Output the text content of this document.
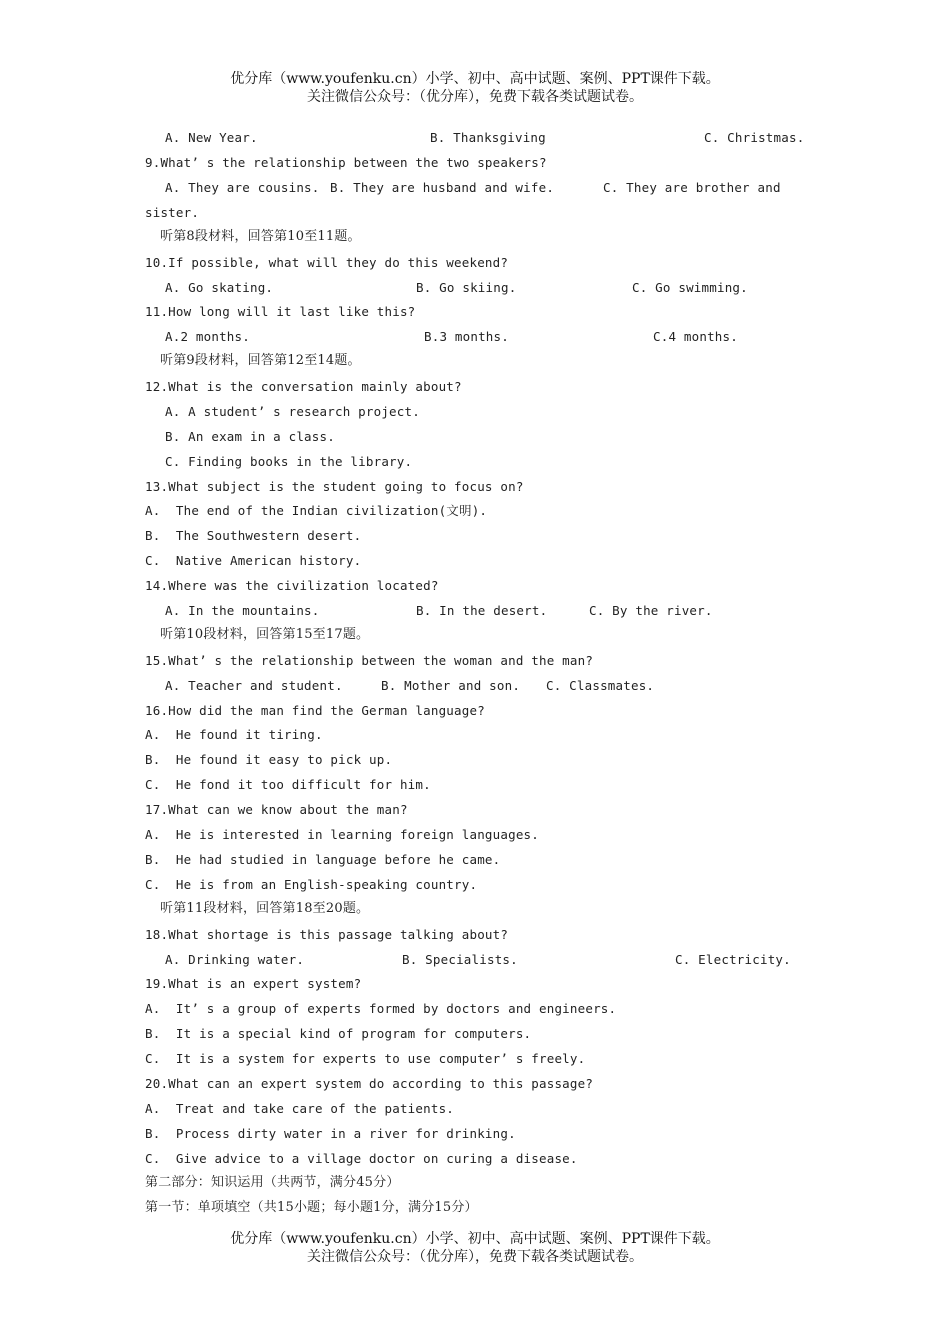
优分库（www.youfenku.cn）小学、初中、高中试题、案例、PPT课件下载。
关注微信公众号：（优分库），免费下载各类试题试卷。
A. New Year.	B. Thanksgiving	C. Christmas.
9.What’ s the relationship between the two speakers?
A. They are cousins. B. They are husband and wife.	C. They are brother and
sister.
听第8段材料，回答第10至11题。
10.If possible, what will they do this weekend?
A. Go skating.	B. Go skiing.	C. Go swimming.
11.How long will it last like this?
A.2 months.	B.3 months.	C.4 months.
听第9段材料，回答第12至14题。
12.What is the conversation mainly about?
A. A student’ s research project.
B. An exam in a class.
C. Finding books in the library.
13.What subject is the student going to focus on?
A.  The end of the Indian civilization(文明).
B.  The Southwestern desert.
C.  Native American history.
14.Where was the civilization located?
A. In the mountains.	B. In the desert.	C. By the river.
听第10段材料，回答第15至17题。
15.What’ s the relationship between the woman and the man?
A. Teacher and student.	B. Mother and son. C. Classmates.
16.How did the man find the German language?
A.  He found it tiring.
B.  He found it easy to pick up.
C.  He fond it too difficult for him.
17.What can we know about the man?
A.  He is interested in learning foreign languages.
B.  He had studied in language before he came.
C.  He is from an English-speaking country.
听第11段材料，回答第18至20题。
18.What shortage is this passage talking about?
A. Drinking water.	B. Specialists.	C. Electricity.
19.What is an expert system?
A.  It’ s a group of experts formed by doctors and engineers.
B.  It is a special kind of program for computers.
C.  It is a system for experts to use computer’ s freely.
20.What can an expert system do according to this passage?
A.  Treat and take care of the patients.
B.  Process dirty water in a river for drinking.
C.  Give advice to a village doctor on curing a disease.
第二部分：知识运用（共两节，满分45分）
第一节：单项填空（共15小题；每小题1分，满分15分）
优分库（www.youfenku.cn）小学、初中、高中试题、案例、PPT课件下载。
关注微信公众号：（优分库），免费下载各类试题试卷。
